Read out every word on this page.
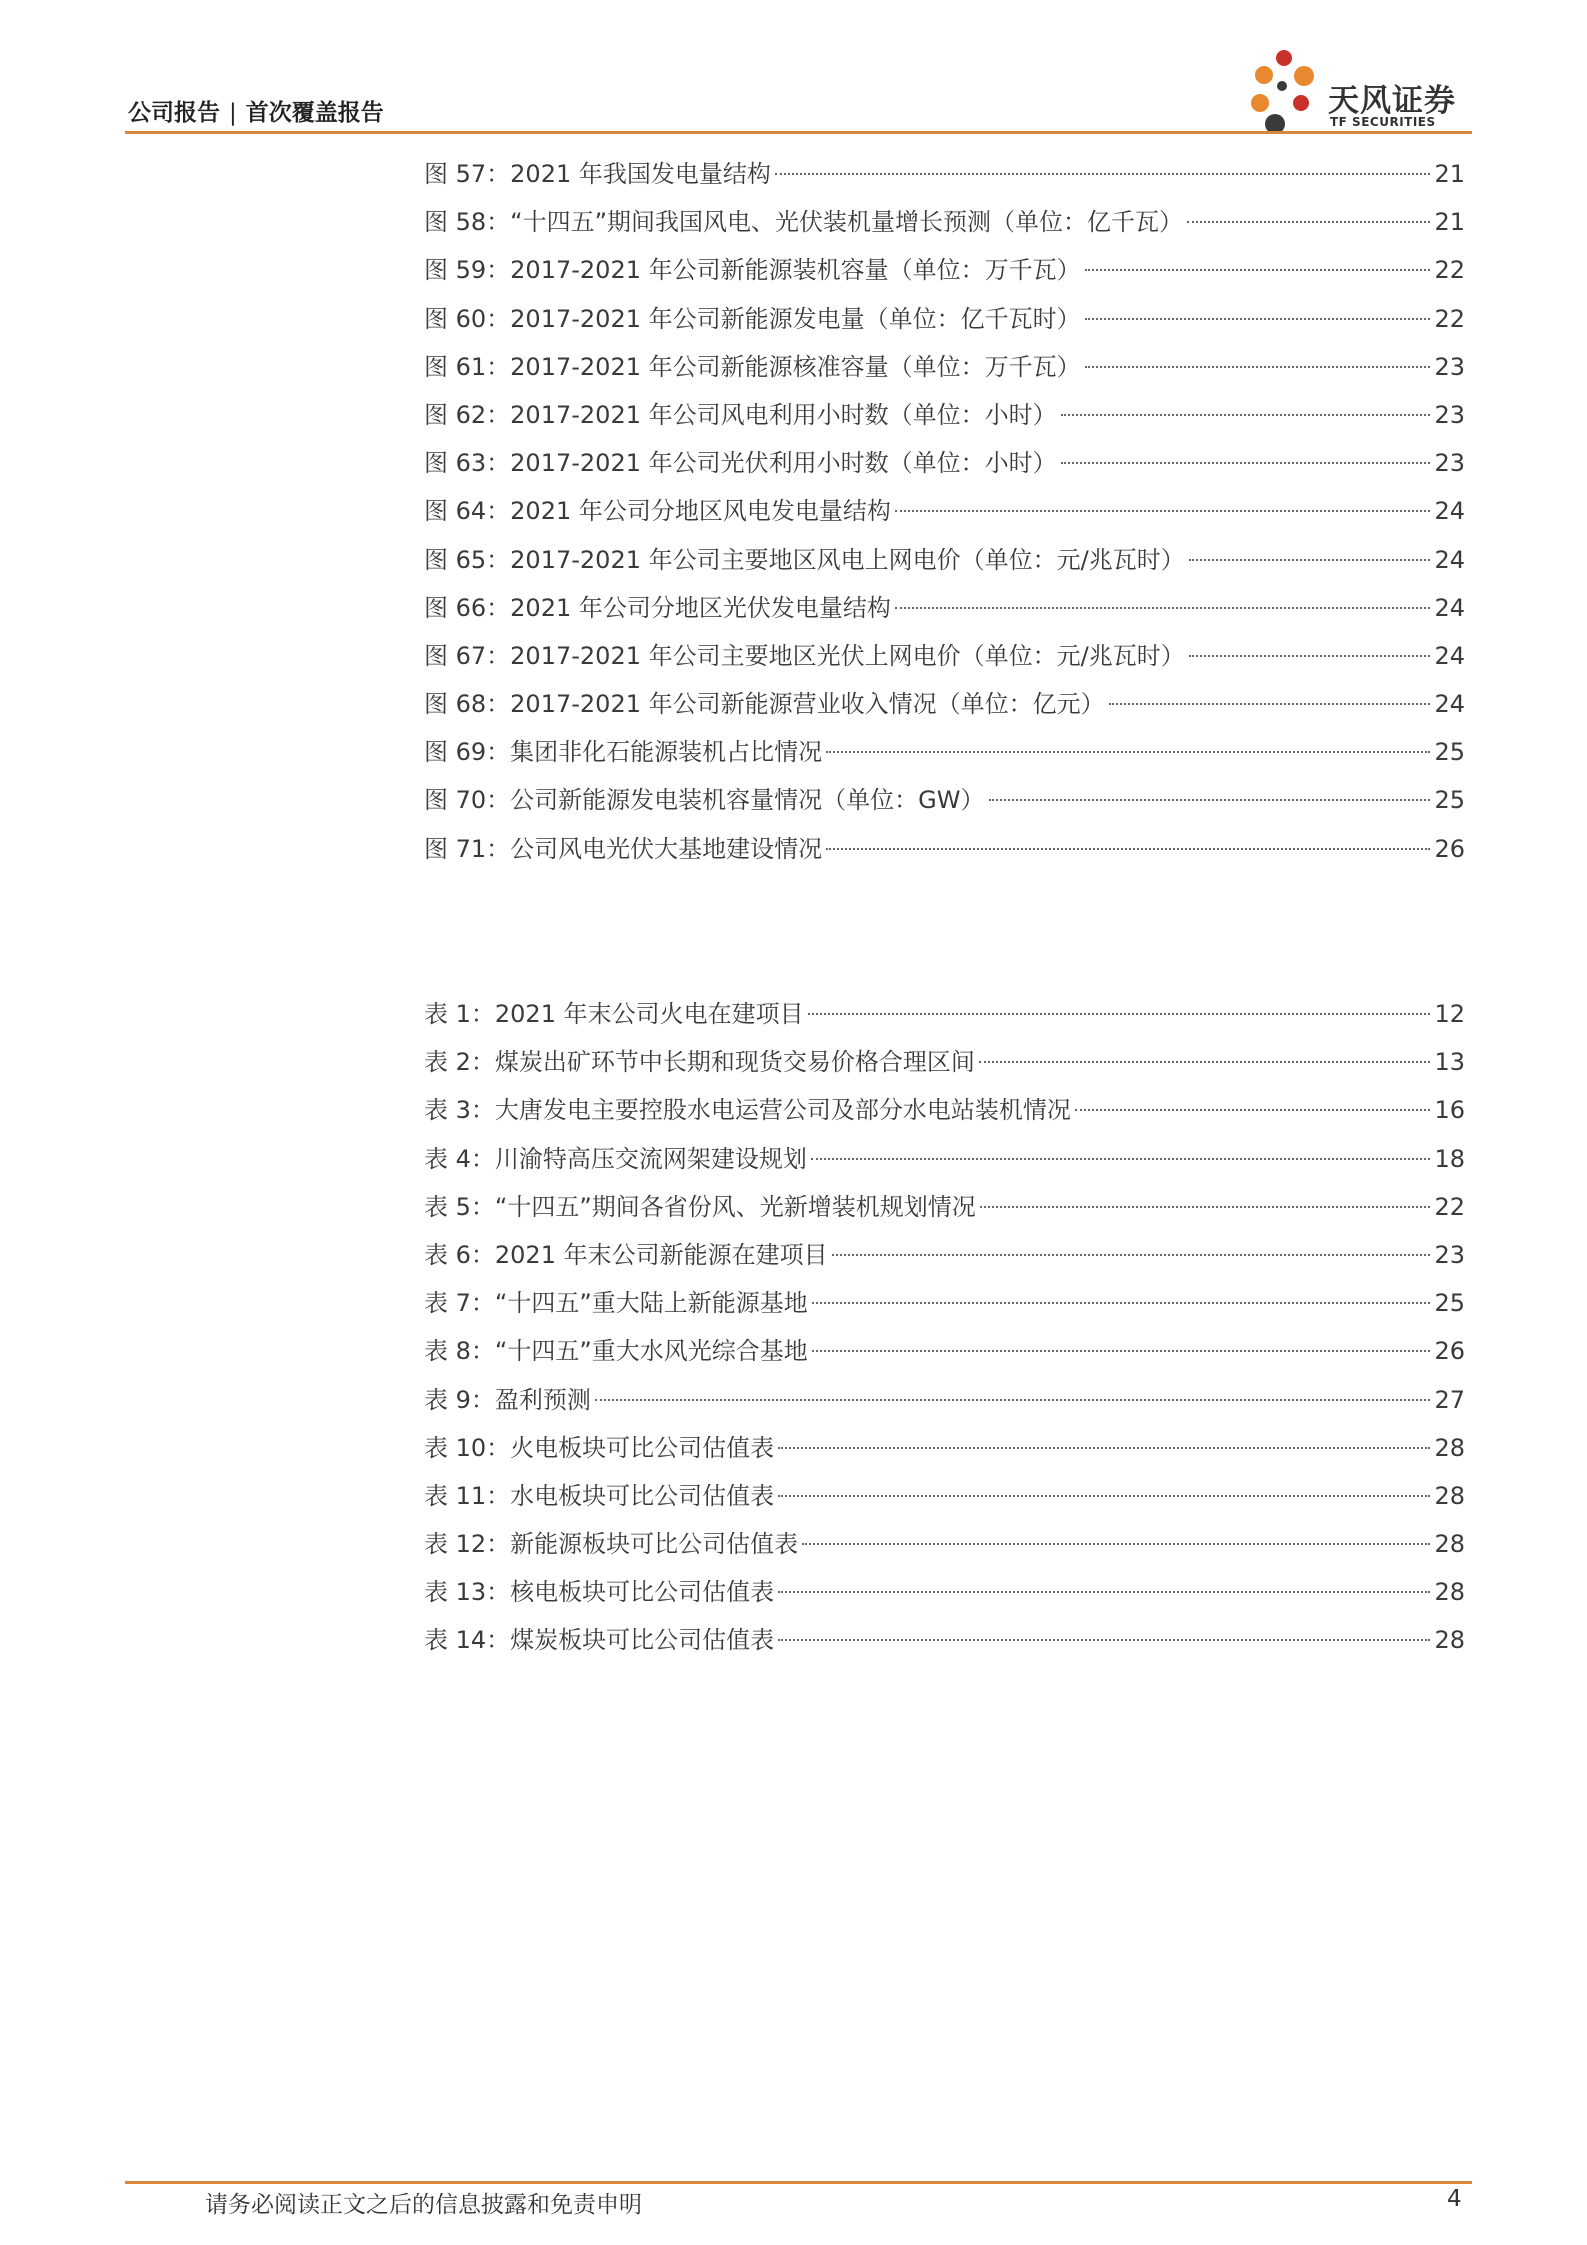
公司报告 | 首次覆盖报告	天风证券
TF SECURITIES
图 57：2021 年我国发电量结构	21
图 58：“十四五”期间我国风电、光伏装机量增长预测（单位：亿千瓦）	21
图 59：2017-2021 年公司新能源装机容量（单位：万千瓦）	22
图 60：2017-2021 年公司新能源发电量（单位：亿千瓦时）	22
图 61：2017-2021 年公司新能源核准容量（单位：万千瓦）	23
图 62：2017-2021 年公司风电利用小时数（单位：小时）	23
图 63：2017-2021 年公司光伏利用小时数（单位：小时）	23
图 64：2021 年公司分地区风电发电量结构	24
图 65：2017-2021 年公司主要地区风电上网电价（单位：元/兆瓦时）	24
图 66：2021 年公司分地区光伏发电量结构	24
图 67：2017-2021 年公司主要地区光伏上网电价（单位：元/兆瓦时）	24
图 68：2017-2021 年公司新能源营业收入情况（单位：亿元）	24
图 69：集团非化石能源装机占比情况	25
图 70：公司新能源发电装机容量情况（单位：GW）	25
图 71：公司风电光伏大基地建设情况	26
表 1：2021 年末公司火电在建项目	12
表 2：煤炭出矿环节中长期和现货交易价格合理区间	13
表 3：大唐发电主要控股水电运营公司及部分水电站装机情况	16
表 4：川渝特高压交流网架建设规划	18
表 5：“十四五”期间各省份风、光新增装机规划情况	22
表 6：2021 年末公司新能源在建项目	23
表 7：“十四五”重大陆上新能源基地	25
表 8：“十四五”重大水风光综合基地	26
表 9：盈利预测	27
表 10：火电板块可比公司估值表	28
表 11：水电板块可比公司估值表	28
表 12：新能源板块可比公司估值表	28
表 13：核电板块可比公司估值表	28
表 14：煤炭板块可比公司估值表	28
请务必阅读正文之后的信息披露和免责申明	4
